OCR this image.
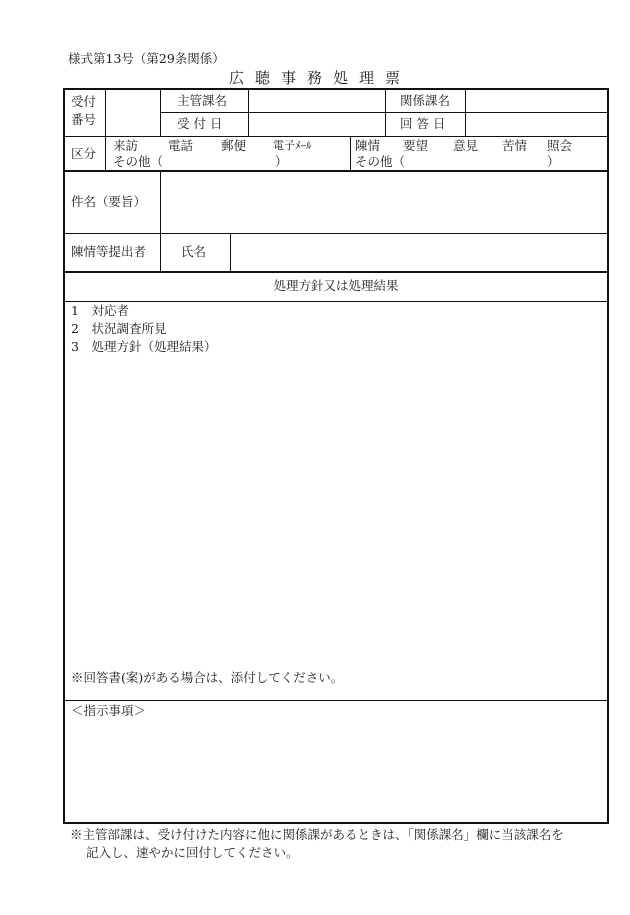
様式第13号（第29条関係）
広聴事務処理票
受付
番号
主管課名	関係課名
受 付 日	回 答 日
区分
来訪 電話 郵便 電子ﾒｰﾙ
その他（	）
陳情 要望 意見 苦情 照会
その他（	）
件名（要旨）
陳情等提出者	氏名
処理方針又は処理結果
1　対応者
2　状況調査所見
3　処理方針（処理結果）
※回答書(案)がある場合は、添付してください。
＜指示事項＞
※主管部課は、受け付けた内容に他に関係課があるときは、「関係課名」欄に当該課名を
記入し、速やかに回付してください。
